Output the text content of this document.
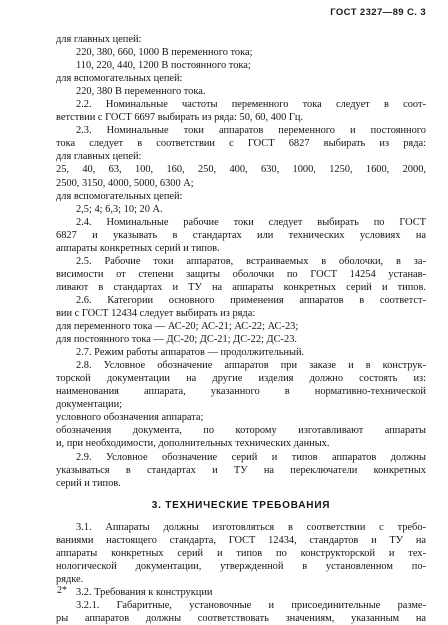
ГОСТ 2327—89 С. 3
для главных цепей:
220, 380, 660, 1000 В переменного тока;
110, 220, 440, 1200 В постоянного тока;
для вспомогательных цепей:
220, 380 В переменного тока.
2.2. Номинальные частоты переменного тока следует в соот-
ветствии с ГОСТ 6697 выбирать из ряда: 50, 60, 400 Гц.
2.3. Номинальные токи аппаратов переменного и постоянного
тока следует в соответствии с ГОСТ 6827 выбирать из ряда:
для главных цепей:
25, 40, 63, 100, 160, 250, 400, 630, 1000, 1250, 1600, 2000,
2500, 3150, 4000, 5000, 6300 А;
для вспомогательных цепей:
2,5; 4; 6,3; 10; 20 А.
2.4. Номинальные рабочие токи следует выбирать по ГОСТ
6827 и указывать в стандартах или технических условиях на
аппараты конкретных серий и типов.
2.5. Рабочие токи аппаратов, встраиваемых в оболочки, в за-
висимости от степени защиты оболочки по ГОСТ 14254 устанав-
ливают в стандартах и ТУ на аппараты конкретных серий и типов.
2.6. Категории основного применения аппаратов в соответст-
вии с ГОСТ 12434 следует выбирать из ряда:
для переменного тока — АС-20; АС-21; АС-22; АС-23;
для постоянного тока — ДС-20; ДС-21; ДС-22; ДС-23.
2.7. Режим работы аппаратов — продолжительный.
2.8. Условное обозначение аппаратов при заказе и в конструк-
торской документации на другие изделия должно состоять из:
наименования аппарата, указанного в нормативно-технической
документации;
условного обозначения аппарата;
обозначения документа, по которому изготавливают аппараты
и, при необходимости, дополнительных технических данных.
2.9. Условное обозначение серий и типов аппаратов должны
указываться в стандартах и ТУ на переключатели конкретных
серий и типов.
3. ТЕХНИЧЕСКИЕ ТРЕБОВАНИЯ
3.1. Аппараты должны изготовляться в соответствии с требо-
ваниями настоящего стандарта, ГОСТ 12434, стандартов и ТУ на
аппараты конкретных серий и типов по конструкторской и тех-
нологической документации, утвержденной в установленном по-
рядке.
3.2. Требования к конструкции
3.2.1. Габаритные, установочные и присоединительные разме-
ры аппаратов должны соответствовать значениям, указанным на
2*
